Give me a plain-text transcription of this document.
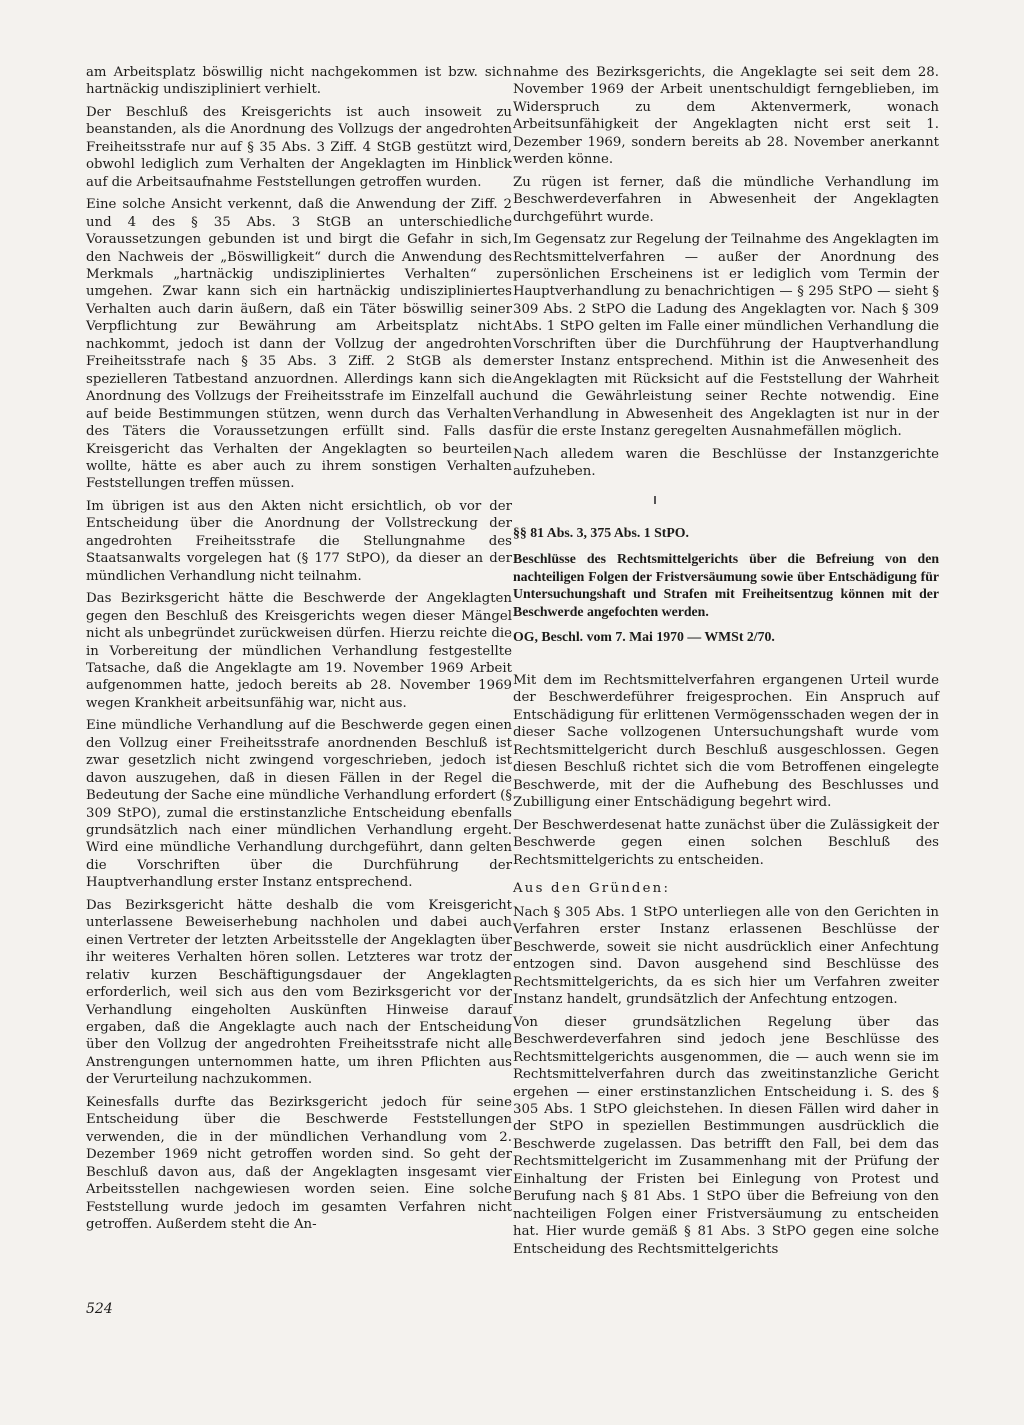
am Arbeitsplatz böswillig nicht nachgekommen ist bzw. sich hartnäckig undiszipliniert verhielt.

Der Beschluß des Kreisgerichts ist auch insoweit zu beanstanden, als die Anordnung des Vollzugs der angedrohten Freiheitsstrafe nur auf § 35 Abs. 3 Ziff. 4 StGB gestützt wird, obwohl lediglich zum Verhalten der Angeklagten im Hinblick auf die Arbeitsaufnahme Feststellungen getroffen wurden.

Eine solche Ansicht verkennt, daß die Anwendung der Ziff. 2 und 4 des § 35 Abs. 3 StGB an unterschiedliche Voraussetzungen gebunden ist und birgt die Gefahr in sich, den Nachweis der „Böswilligkeit“ durch die Anwendung des Merkmals „hartnäckig undiszipliniertes Verhalten“ zu umgehen. Zwar kann sich ein hartnäckig undiszipliniertes Verhalten auch darin äußern, daß ein Täter böswillig seiner Verpflichtung zur Bewährung am Arbeitsplatz nicht nachkommt, jedoch ist dann der Vollzug der angedrohten Freiheitsstrafe nach § 35 Abs. 3 Ziff. 2 StGB als dem spezielleren Tatbestand anzuordnen. Allerdings kann sich die Anordnung des Vollzugs der Freiheitsstrafe im Einzelfall auch auf beide Bestimmungen stützen, wenn durch das Verhalten des Täters die Voraussetzungen erfüllt sind. Falls das Kreisgericht das Verhalten der Angeklagten so beurteilen wollte, hätte es aber auch zu ihrem sonstigen Verhalten Feststellungen treffen müssen.

Im übrigen ist aus den Akten nicht ersichtlich, ob vor der Entscheidung über die Anordnung der Vollstreckung der angedrohten Freiheitsstrafe die Stellungnahme des Staatsanwalts vorgelegen hat (§ 177 StPO), da dieser an der mündlichen Verhandlung nicht teilnahm.

Das Bezirksgericht hätte die Beschwerde der Angeklagten gegen den Beschluß des Kreisgerichts wegen dieser Mängel nicht als unbegründet zurückweisen dürfen. Hierzu reichte die in Vorbereitung der mündlichen Verhandlung festgestellte Tatsache, daß die Angeklagte am 19. November 1969 Arbeit aufgenommen hatte, jedoch bereits ab 28. November 1969 wegen Krankheit arbeitsunfähig war, nicht aus.

Eine mündliche Verhandlung auf die Beschwerde gegen einen den Vollzug einer Freiheitsstrafe anordnenden Beschluß ist zwar gesetzlich nicht zwingend vorgeschrieben, jedoch ist davon auszugehen, daß in diesen Fällen in der Regel die Bedeutung der Sache eine mündliche Verhandlung erfordert (§ 309 StPO), zumal die erstinstanzliche Entscheidung ebenfalls grundsätzlich nach einer mündlichen Verhandlung ergeht. Wird eine mündliche Verhandlung durchgeführt, dann gelten die Vorschriften über die Durchführung der Hauptverhandlung erster Instanz entsprechend.

Das Bezirksgericht hätte deshalb die vom Kreisgericht unterlassene Beweiserhebung nachholen und dabei auch einen Vertreter der letzten Arbeitsstelle der Angeklagten über ihr weiteres Verhalten hören sollen. Letzteres war trotz der relativ kurzen Beschäftigungsdauer der Angeklagten erforderlich, weil sich aus den vom Bezirksgericht vor der Verhandlung eingeholten Auskünften Hinweise darauf ergaben, daß die Angeklagte auch nach der Entscheidung über den Vollzug der angedrohten Freiheitsstrafe nicht alle Anstrengungen unternommen hatte, um ihren Pflichten aus der Verurteilung nachzukommen.

Keinesfalls durfte das Bezirksgericht jedoch für seine Entscheidung über die Beschwerde Feststellungen verwenden, die in der mündlichen Verhandlung vom 2. Dezember 1969 nicht getroffen worden sind. So geht der Beschluß davon aus, daß der Angeklagten insgesamt vier Arbeitsstellen nachgewiesen worden seien. Eine solche Feststellung wurde jedoch im gesamten Verfahren nicht getroffen. Außerdem steht die An-

nahme des Bezirksgerichts, die Angeklagte sei seit dem 28. November 1969 der Arbeit unentschuldigt ferngeblieben, im Widerspruch zu dem Aktenvermerk, wonach Arbeitsunfähigkeit der Angeklagten nicht erst seit 1. Dezember 1969, sondern bereits ab 28. November anerkannt werden könne.

Zu rügen ist ferner, daß die mündliche Verhandlung im Beschwerdeverfahren in Abwesenheit der Angeklagten durchgeführt wurde.

Im Gegensatz zur Regelung der Teilnahme des Angeklagten im Rechtsmittelverfahren — außer der Anordnung des persönlichen Erscheinens ist er lediglich vom Termin der Hauptverhandlung zu benachrichtigen — § 295 StPO — sieht § 309 Abs. 2 StPO die Ladung des Angeklagten vor. Nach § 309 Abs. 1 StPO gelten im Falle einer mündlichen Verhandlung die Vorschriften über die Durchführung der Hauptverhandlung erster Instanz entsprechend. Mithin ist die Anwesenheit des Angeklagten mit Rücksicht auf die Feststellung der Wahrheit und die Gewährleistung seiner Rechte notwendig. Eine Verhandlung in Abwesenheit des Angeklagten ist nur in der für die erste Instanz geregelten Ausnahmefällen möglich.

Nach alledem waren die Beschlüsse der Instanzgerichte aufzuheben.

§§ 81 Abs. 3, 375 Abs. 1 StPO.

Beschlüsse des Rechtsmittelgerichts über die Befreiung von den nachteiligen Folgen der Fristversäumung sowie über Entschädigung für Untersuchungshaft und Strafen mit Freiheitsentzug können mit der Beschwerde angefochten werden.

OG, Beschl. vom 7. Mai 1970 — WMSt 2/70.

Mit dem im Rechtsmittelverfahren ergangenen Urteil wurde der Beschwerdeführer freigesprochen. Ein Anspruch auf Entschädigung für erlittenen Vermögensschaden wegen der in dieser Sache vollzogenen Untersuchungshaft wurde vom Rechtsmittelgericht durch Beschluß ausgeschlossen. Gegen diesen Beschluß richtet sich die vom Betroffenen eingelegte Beschwerde, mit der die Aufhebung des Beschlusses und Zubilligung einer Entschädigung begehrt wird.

Der Beschwerdesenat hatte zunächst über die Zulässigkeit der Beschwerde gegen einen solchen Beschluß des Rechtsmittelgerichts zu entscheiden.

Aus den Gründen:

Nach § 305 Abs. 1 StPO unterliegen alle von den Gerichten in Verfahren erster Instanz erlassenen Beschlüsse der Beschwerde, soweit sie nicht ausdrücklich einer Anfechtung entzogen sind. Davon ausgehend sind Beschlüsse des Rechtsmittelgerichts, da es sich hier um Verfahren zweiter Instanz handelt, grundsätzlich der Anfechtung entzogen.

Von dieser grundsätzlichen Regelung über das Beschwerdeverfahren sind jedoch jene Beschlüsse des Rechtsmittelgerichts ausgenommen, die — auch wenn sie im Rechtsmittelverfahren durch das zweitinstanzliche Gericht ergehen — einer erstinstanzlichen Entscheidung i. S. des § 305 Abs. 1 StPO gleichstehen. In diesen Fällen wird daher in der StPO in speziellen Bestimmungen ausdrücklich die Beschwerde zugelassen. Das betrifft den Fall, bei dem das Rechtsmittelgericht im Zusammenhang mit der Prüfung der Einhaltung der Fristen bei Einlegung von Protest und Berufung nach § 81 Abs. 1 StPO über die Befreiung von den nachteiligen Folgen einer Fristversäumung zu entscheiden hat. Hier wurde gemäß § 81 Abs. 3 StPO gegen eine solche Entscheidung des Rechtsmittelgerichts

524
